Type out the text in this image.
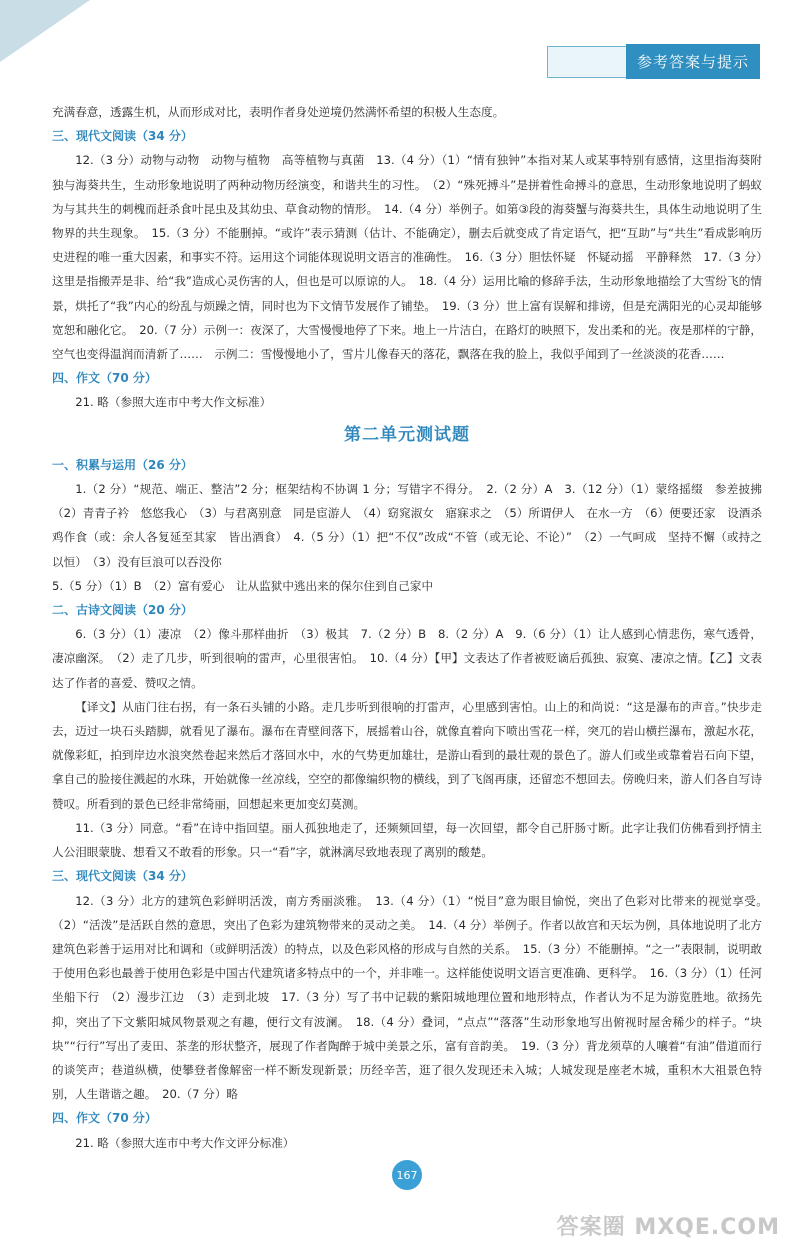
参考答案与提示

充满春意，透露生机，从而形成对比，表明作者身处逆境仍然满怀希望的积极人生态度。

三、现代文阅读（34 分）

12.（3 分）动物与动物　动物与植物　高等植物与真菌　13.（4 分）（1）“情有独钟”本指对某人或某事特别有感情，这里指海葵附独与海葵共生，生动形象地说明了两种动物历经演变，和谐共生的习性。　（2）“殊死搏斗”是拼着性命搏斗的意思，生动形象地说明了蚂蚁为与其共生的刺槐而赶杀食叶昆虫及其幼虫、草食动物的情形。　14.（4 分）举例子。如第③段的海葵蟹与海葵共生，具体生动地说明了生物界的共生现象。　15.（3 分）不能删掉。“或许”表示猜测（估计、不能确定），删去后就变成了肯定语气，把“互助”与“共生”看成影响历史进程的唯一重大因素，和事实不符。运用这个词能体现说明文语言的准确性。　16.（3 分）胆怯怀疑　怀疑动摇　平静释然　17.（3 分）这里是指搬弄是非、给“我”造成心灵伤害的人，但也是可以原谅的人。　18.（4 分）运用比喻的修辞手法，生动形象地描绘了大雪纷飞的情景，烘托了“我”内心的纷乱与烦躁之情，同时也为下文情节发展作了铺垫。　19.（3 分）世上富有误解和排谤，但是充满阳光的心灵却能够宽恕和融化它。　20.（7 分）示例一：夜深了，大雪慢慢地停了下来。地上一片洁白，在路灯的映照下，发出柔和的光。夜是那样的宁静，空气也变得温润而清新了……　示例二：雪慢慢地小了，雪片儿像春天的落花，飘落在我的脸上，我似乎闻到了一丝淡淡的花香……

四、作文（70 分）

21. 略（参照大连市中考大作文标准）

第二单元测试题

一、积累与运用（26 分）

1.（2 分）“规范、端正、整洁”2 分；框架结构不协调 1 分；写错字不得分。　2.（2 分）A　3.（12 分）（1）蒙络摇缀　参差披拂　（2）青青子衿　悠悠我心　（3）与君离别意　同是宦游人　（4）窈窕淑女　寤寐求之　（5）所谓伊人　在水一方　（6）便要还家　设酒杀鸡作食（或：余人各复延至其家　皆出酒食）　4.（5 分）（1）把“不仅”改成“不管（或无论、不论）”　（2）一气呵成　坚持不懈（或持之以恒）　（3）没有巨浪可以吞没你

5.（5 分）（1）B　（2）富有爱心　让从监狱中逃出来的保尔住到自己家中

二、古诗文阅读（20 分）

6.（3 分）（1）凄凉　（2）像斗那样曲折　（3）极其　7.（2 分）B　8.（2 分）A　9.（6 分）（1）让人感到心情悲伤，寒气透骨，凄凉幽深。　（2）走了几步，听到很响的雷声，心里很害怕。　10.（4 分）【甲】文表达了作者被贬谪后孤独、寂寞、凄凉之情。【乙】文表达了作者的喜爱、赞叹之情。

【译文】从庙门往右拐，有一条石头铺的小路。走几步听到很响的打雷声，心里感到害怕。山上的和尚说：“这是瀑布的声音。”快步走去，迈过一块石头踏脚，就看见了瀑布。瀑布在青壁间落下，展摇着山谷，就像直着向下喷出雪花一样，突兀的岩山横拦瀑布，激起水花，就像彩虹，拍到岸边水浪突然卷起来然后才落回水中，水的气势更加雄壮，是游山看到的最壮观的景色了。游人们或坐或靠着岩石向下望，拿自己的脸接住溅起的水珠，开始就像一丝凉线，空空的都像编织物的横线，到了飞阁再康，还留恋不想回去。傍晚归来，游人们各自写诗赞叹。所看到的景色已经非常绮丽，回想起来更加变幻莫测。

11.（3 分）同意。“看”在诗中指回望。丽人孤独地走了，还频频回望，每一次回望，都令自己肝肠寸断。此字让我们仿佛看到抒情主人公泪眼蒙胧、想看又不敢看的形象。只一“看”字，就淋漓尽致地表现了离别的酸楚。

三、现代文阅读（34 分）

12.（3 分）北方的建筑色彩鲜明活泼，南方秀丽淡雅。　13.（4 分）（1）“悦目”意为眼目愉悦，突出了色彩对比带来的视觉享受。　（2）“活泼”是活跃自然的意思，突出了色彩为建筑物带来的灵动之美。　14.（4 分）举例子。作者以故宫和天坛为例，具体地说明了北方建筑色彩善于运用对比和调和（或鲜明活泼）的特点，以及色彩风格的形成与自然的关系。　15.（3 分）不能删掉。“之一”表限制，说明敢于使用色彩也最善于使用色彩是中国古代建筑诸多特点中的一个，并非唯一。这样能使说明文语言更准确、更科学。　16.（3 分）（1）任河坐船下行　（2）漫步江边　（3）走到北坡　17.（3 分）写了书中记载的紫阳城地理位置和地形特点，作者认为不足为游览胜地。欲扬先抑，突出了下文紫阳城风物景观之有趣，便行文有波澜。　18.（4 分）叠词，“点点”“落落”生动形象地写出俯视时屋舍稀少的样子。“块块”“行行”写出了麦田、茶垄的形状整齐，展现了作者陶醉于城中美景之乐，富有音韵美。　19.（3 分）背龙须草的人嚷着“有油”借道而行的谈笑声；巷道纵横，使攀登者像解密一样不断发现新景；历经辛苦，逛了很久发现还未入城；人城发现是座老木城，重积木大祖景色特别，人生谐谐之趣。　20.（7 分）略

四、作文（70 分）

21. 略（参照大连市中考大作文评分标准）

167
答案圈 MXQE.COM
